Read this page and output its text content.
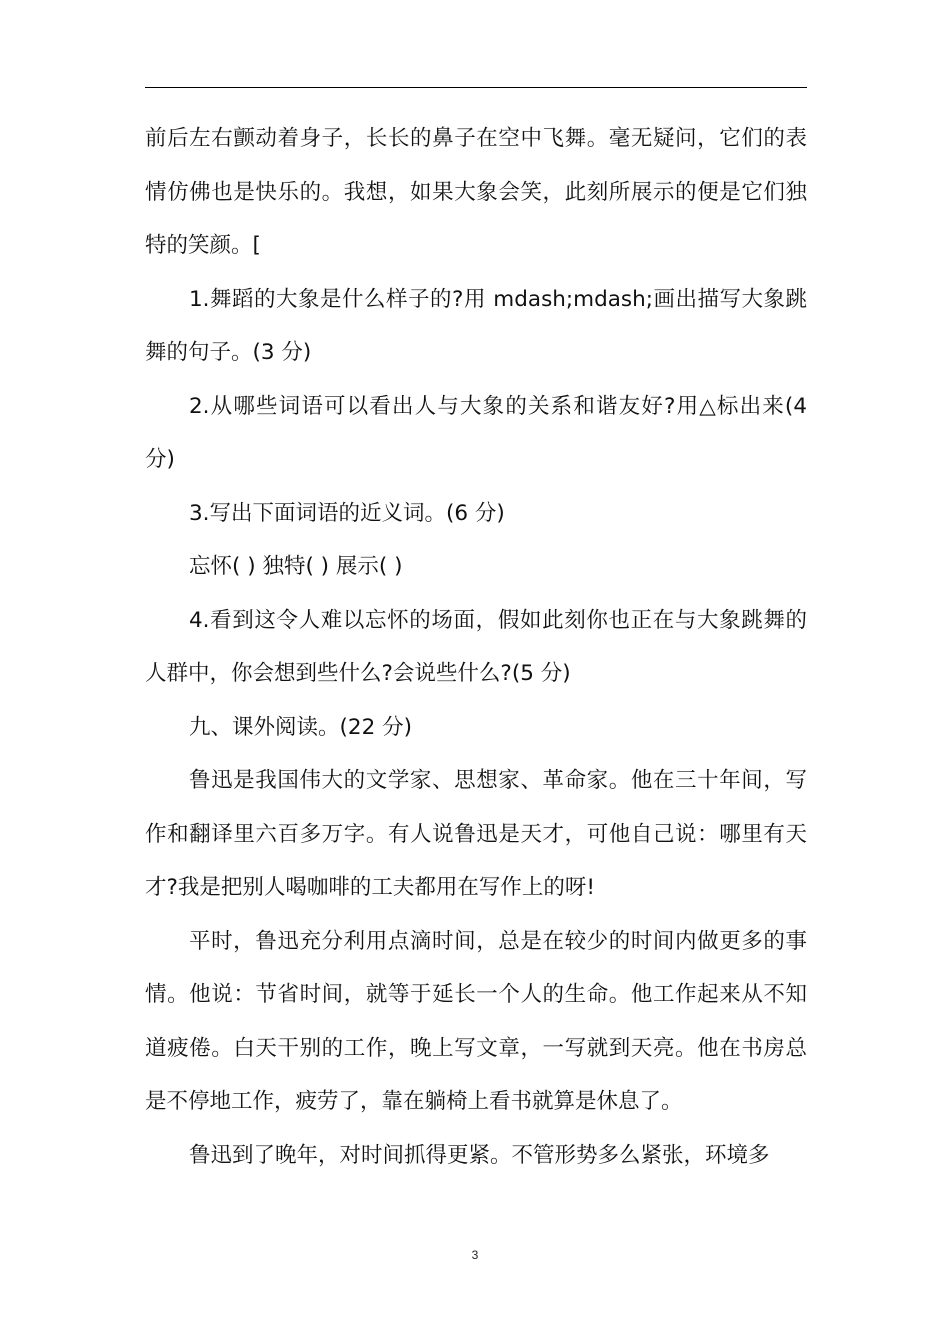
前后左右颤动着身子，长长的鼻子在空中飞舞。毫无疑问，它们的表情仿佛也是快乐的。我想，如果大象会笑，此刻所展示的便是它们独特的笑颜。[

1.舞蹈的大象是什么样子的?用 mdash;mdash;画出描写大象跳舞的句子。(3 分)

2.从哪些词语可以看出人与大象的关系和谐友好?用△标出来(4 分)

3.写出下面词语的近义词。(6 分)

忘怀( ) 独特( ) 展示( )

4.看到这令人难以忘怀的场面，假如此刻你也正在与大象跳舞的人群中，你会想到些什么?会说些什么?(5 分)

九、课外阅读。(22 分)

鲁迅是我国伟大的文学家、思想家、革命家。他在三十年间，写作和翻译里六百多万字。有人说鲁迅是天才，可他自己说：哪里有天才?我是把别人喝咖啡的工夫都用在写作上的呀!

平时，鲁迅充分利用点滴时间，总是在较少的时间内做更多的事情。他说：节省时间，就等于延长一个人的生命。他工作起来从不知道疲倦。白天干别的工作，晚上写文章，一写就到天亮。他在书房总是不停地工作，疲劳了，靠在躺椅上看书就算是休息了。

鲁迅到了晚年，对时间抓得更紧。不管形势多么紧张，环境多

3
